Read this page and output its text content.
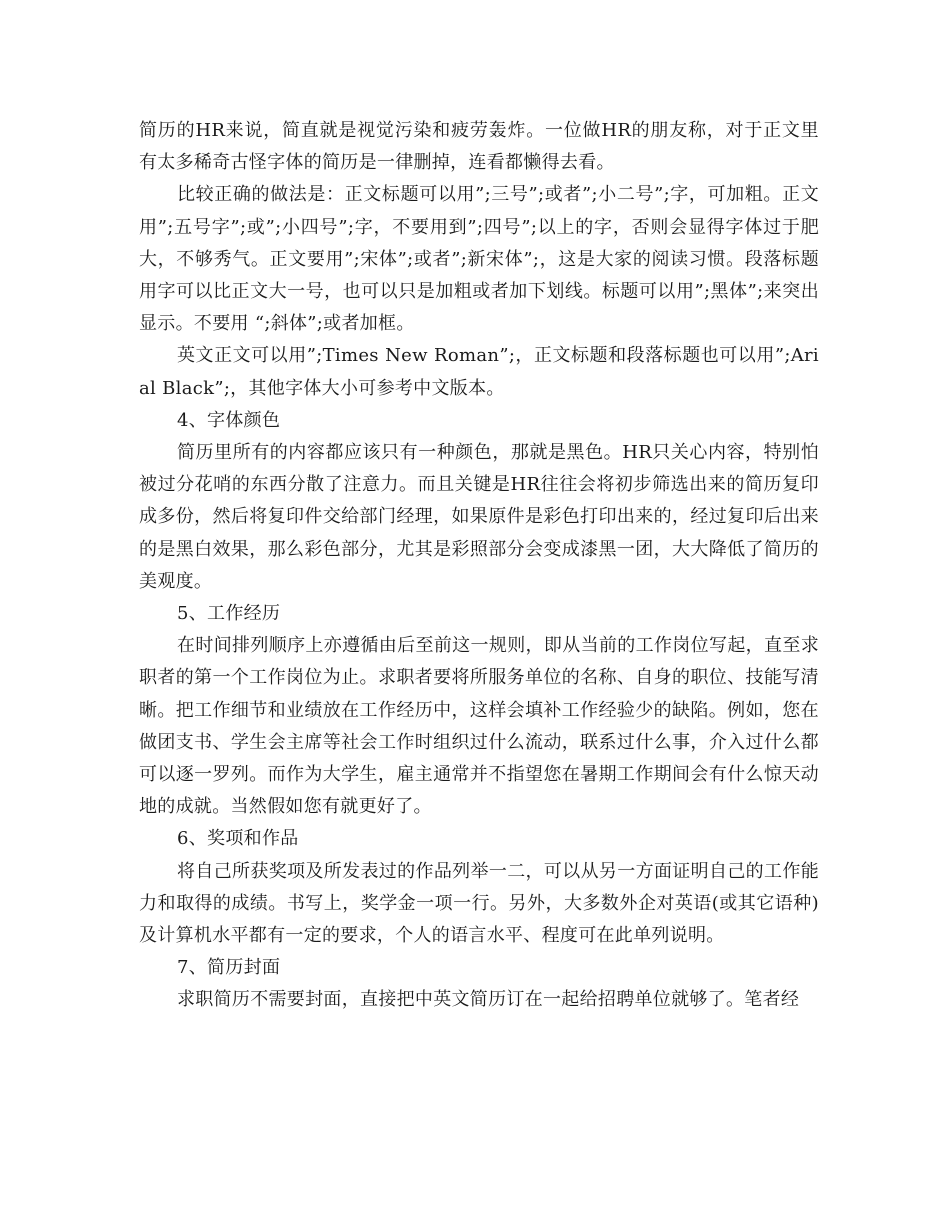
简历的HR来说，简直就是视觉污染和疲劳轰炸。一位做HR的朋友称，对于正文里有太多稀奇古怪字体的简历是一律删掉，连看都懒得去看。

比较正确的做法是：正文标题可以用”;三号”;或者”;小二号”;字，可加粗。正文用”;五号字”;或”;小四号”;字，不要用到”;四号”;以上的字，否则会显得字体过于肥大，不够秀气。正文要用”;宋体”;或者”;新宋体”;，这是大家的阅读习惯。段落标题用字可以比正文大一号，也可以只是加粗或者加下划线。标题可以用”;黑体”;来突出显示。不要用 “;斜体”;或者加框。

英文正文可以用”;Times New Roman”;，正文标题和段落标题也可以用”;Arial Black”;，其他字体大小可参考中文版本。

4、字体颜色

简历里所有的内容都应该只有一种颜色，那就是黑色。HR只关心内容，特别怕被过分花哨的东西分散了注意力。而且关键是HR往往会将初步筛选出来的简历复印成多份，然后将复印件交给部门经理，如果原件是彩色打印出来的，经过复印后出来的是黑白效果，那么彩色部分，尤其是彩照部分会变成漆黑一团，大大降低了简历的美观度。

5、工作经历

在时间排列顺序上亦遵循由后至前这一规则，即从当前的工作岗位写起，直至求职者的第一个工作岗位为止。求职者要将所服务单位的名称、自身的职位、技能写清晰。把工作细节和业绩放在工作经历中，这样会填补工作经验少的缺陷。例如，您在做团支书、学生会主席等社会工作时组织过什么流动，联系过什么事，介入过什么都可以逐一罗列。而作为大学生，雇主通常并不指望您在暑期工作期间会有什么惊天动地的成就。当然假如您有就更好了。

6、奖项和作品

将自己所获奖项及所发表过的作品列举一二，可以从另一方面证明自己的工作能力和取得的成绩。书写上，奖学金一项一行。另外，大多数外企对英语(或其它语种)及计算机水平都有一定的要求，个人的语言水平、程度可在此单列说明。

7、简历封面

求职简历不需要封面，直接把中英文简历订在一起给招聘单位就够了。笔者经
